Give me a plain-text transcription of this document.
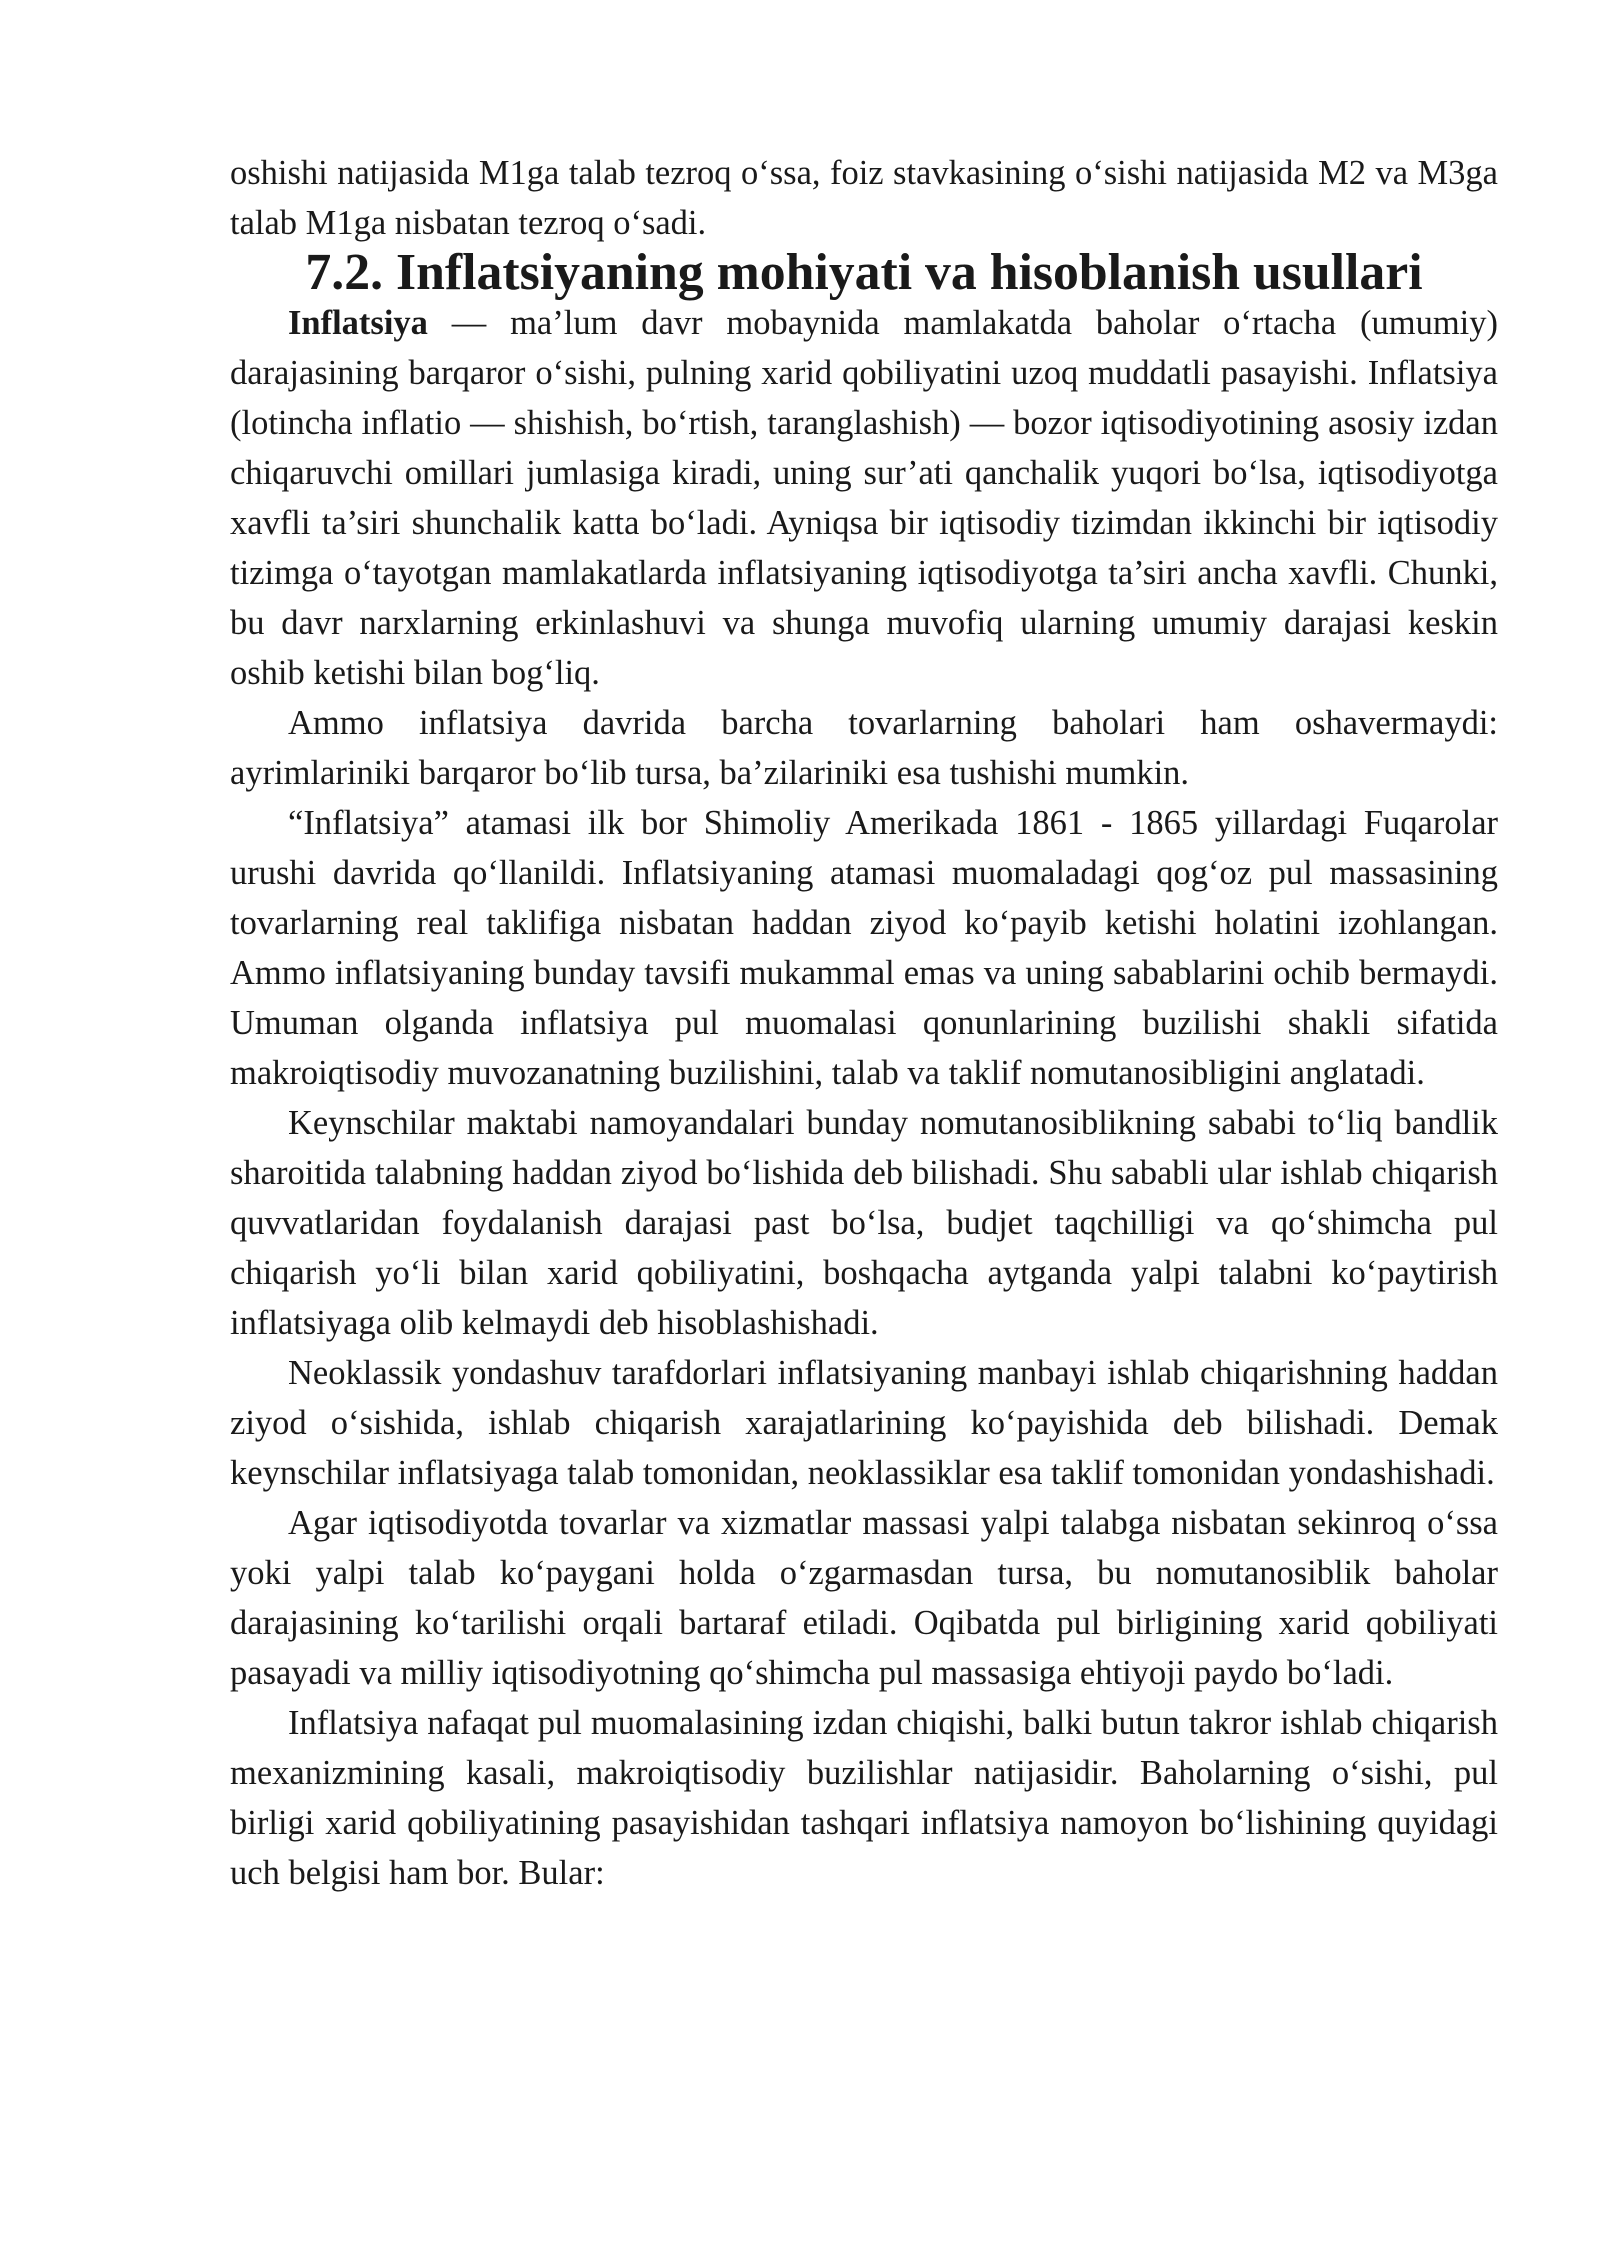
oshishi natijasida M1ga talab tezroq o‘ssa, foiz stavkasining o‘sishi natijasida M2 va M3ga talab M1ga nisbatan tezroq o‘sadi.

7.2. Inflatsiyaning mohiyati va hisoblanish usullari

Inflatsiya — ma’lum davr mobaynida mamlakatda baholar o‘rtacha (umumiy) darajasining barqaror o‘sishi, pulning xarid qobiliyatini uzoq muddatli pasayishi. Inflatsiya (lotincha inflatio — shishish, bo‘rtish, taranglashish) — bozor iqtisodiyotining asosiy izdan chiqaruvchi omillari jumlasiga kiradi, uning sur’ati qanchalik yuqori bo‘lsa, iqtisodiyotga xavfli ta’siri shunchalik katta bo‘ladi. Ayniqsa bir iqtisodiy tizimdan ikkinchi bir iqtisodiy tizimga o‘tayotgan mamlakatlarda inflatsiyaning iqtisodiyotga ta’siri ancha xavfli. Chunki, bu davr narxlarning erkinlashuvi va shunga muvofiq ularning umumiy darajasi keskin oshib ketishi bilan bog‘liq.

Ammo inflatsiya davrida barcha tovarlarning baholari ham oshavermaydi: ayrimlariniki barqaror bo‘lib tursa, ba’zilariniki esa tushishi mumkin.

“Inflatsiya” atamasi ilk bor Shimoliy Amerikada 1861 - 1865 yillardagi Fuqarolar urushi davrida qo‘llanildi. Inflatsiyaning atamasi muomaladagi qog‘oz pul massasining tovarlarning real taklifiga nisbatan haddan ziyod ko‘payib ketishi holatini izohlangan. Ammo inflatsiyaning bunday tavsifi mukammal emas va uning sabablarini ochib bermaydi. Umuman olganda inflatsiya pul muomalasi qonunlarining buzilishi shakli sifatida makroiqtisodiy muvozanatning buzilishini, talab va taklif nomutanosibligini anglatadi.

Keynschilar maktabi namoyandalari bunday nomutanosiblikning sababi to‘liq bandlik sharoitida talabning haddan ziyod bo‘lishida deb bilishadi. Shu sababli ular ishlab chiqarish quvvatlaridan foydalanish darajasi past bo‘lsa, budjet taqchilligi va qo‘shimcha pul chiqarish yo‘li bilan xarid qobiliyatini, boshqacha aytganda yalpi talabni ko‘paytirish inflatsiyaga olib kelmaydi deb hisoblashishadi.

Neoklassik yondashuv tarafdorlari inflatsiyaning manbayi ishlab chiqarishning haddan ziyod o‘sishida, ishlab chiqarish xarajatlarining ko‘payishida deb bilishadi. Demak keynschilar inflatsiyaga talab tomonidan, neoklassiklar esa taklif tomonidan yondashishadi.

Agar iqtisodiyotda tovarlar va xizmatlar massasi yalpi talabga nisbatan sekinroq o‘ssa yoki yalpi talab ko‘paygani holda o‘zgarmasdan tursa, bu nomutanosiblik baholar darajasining ko‘tarilishi orqali bartaraf etiladi. Oqibatda pul birligining xarid qobiliyati pasayadi va milliy iqtisodiyotning qo‘shimcha pul massasiga ehtiyoji paydo bo‘ladi.

Inflatsiya nafaqat pul muomalasining izdan chiqishi, balki butun takror ishlab chiqarish mexanizmining kasali, makroiqtisodiy buzilishlar natijasidir. Baholarning o‘sishi, pul birligi xarid qobiliyatining pasayishidan tashqari inflatsiya namoyon bo‘lishining quyidagi uch belgisi ham bor. Bular:
